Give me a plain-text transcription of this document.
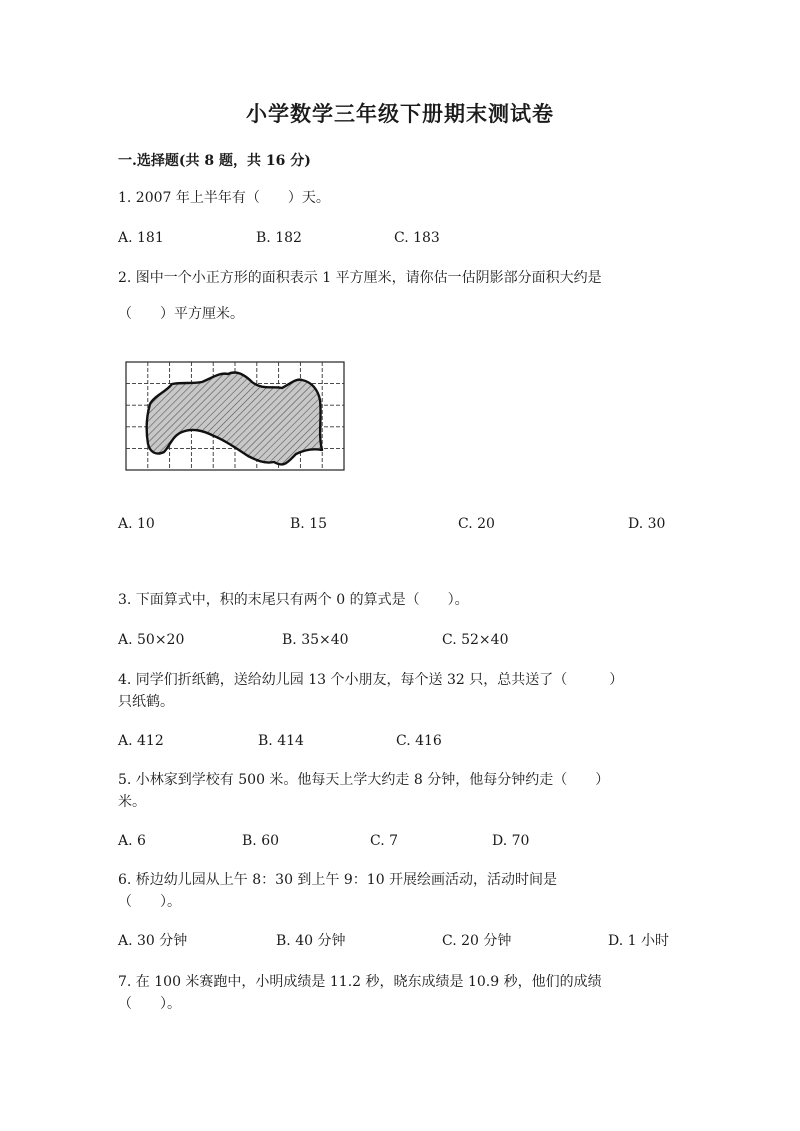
小学数学三年级下册期末测试卷
一.选择题(共 8 题，共 16 分)
1. 2007 年上半年有（　　）天。
A. 181	B. 182	C. 183
2. 图中一个小正方形的面积表示 1 平方厘米，请你估一估阴影部分面积大约是
（　　）平方厘米。
A. 10	B. 15	C. 20	D. 30
3. 下面算式中，积的末尾只有两个 0 的算式是（　　）。
A. 50×20	B. 35×40	C. 52×40
4. 同学们折纸鹤，送给幼儿园 13 个小朋友，每个送 32 只，总共送了（　　　）
只纸鹤。
A. 412	B. 414	C. 416
5. 小林家到学校有 500 米。他每天上学大约走 8 分钟，他每分钟约走（　　）
米。
A. 6	B. 60	C. 7	D. 70
6. 桥边幼儿园从上午 8：30 到上午 9：10 开展绘画活动，活动时间是
（　　）。
A. 30 分钟	B. 40 分钟	C. 20 分钟	D. 1 小时
7. 在 100 米赛跑中，小明成绩是 11.2 秒，晓东成绩是 10.9 秒，他们的成绩
（　　）。
